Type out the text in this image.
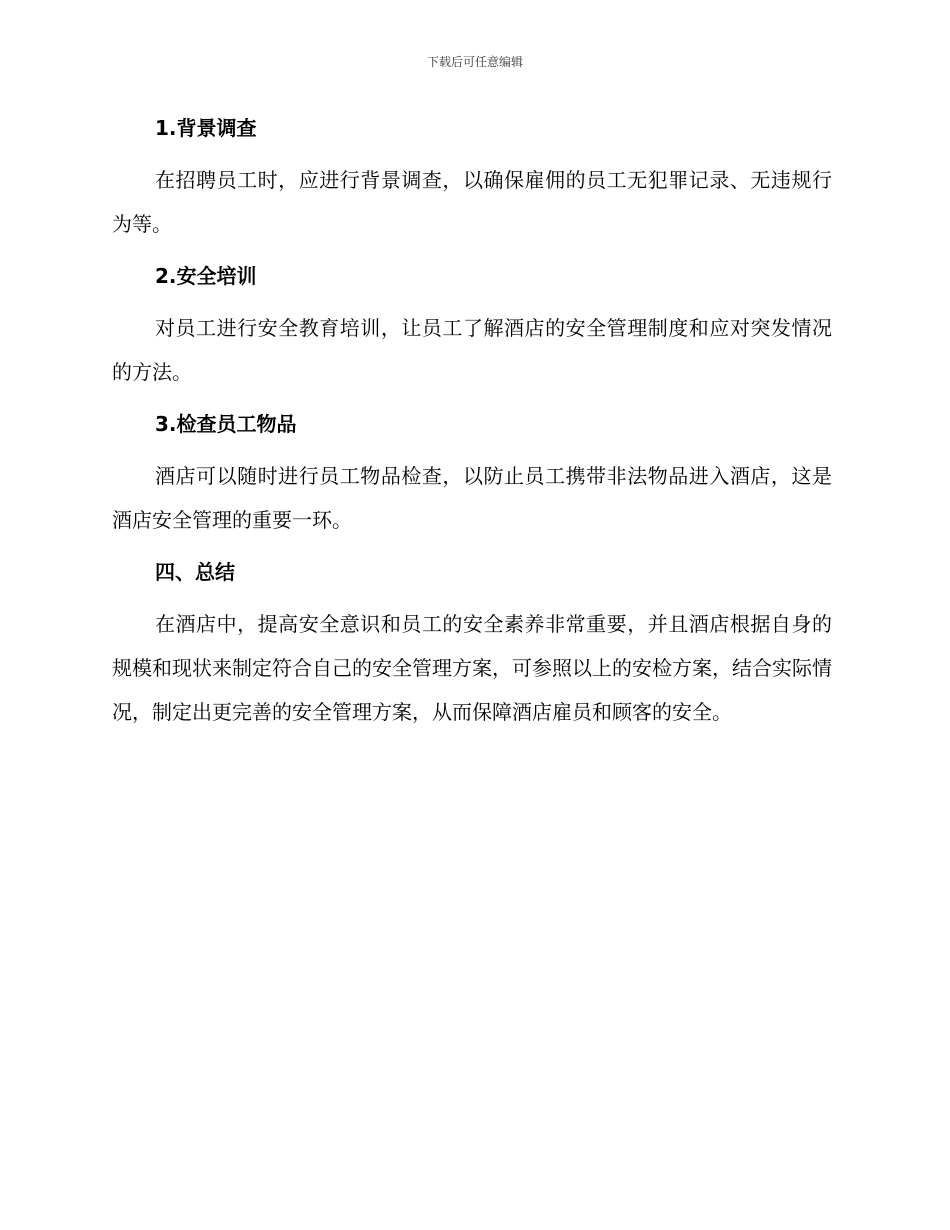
下载后可任意编辑
1.背景调查

在招聘员工时，应进行背景调查，以确保雇佣的员工无犯罪记录、无违规行为等。

2.安全培训

对员工进行安全教育培训，让员工了解酒店的安全管理制度和应对突发情况的方法。

3.检查员工物品

酒店可以随时进行员工物品检查，以防止员工携带非法物品进入酒店，这是酒店安全管理的重要一环。

四、总结

在酒店中，提高安全意识和员工的安全素养非常重要，并且酒店根据自身的规模和现状来制定符合自己的安全管理方案，可参照以上的安检方案，结合实际情况，制定出更完善的安全管理方案，从而保障酒店雇员和顾客的安全。
